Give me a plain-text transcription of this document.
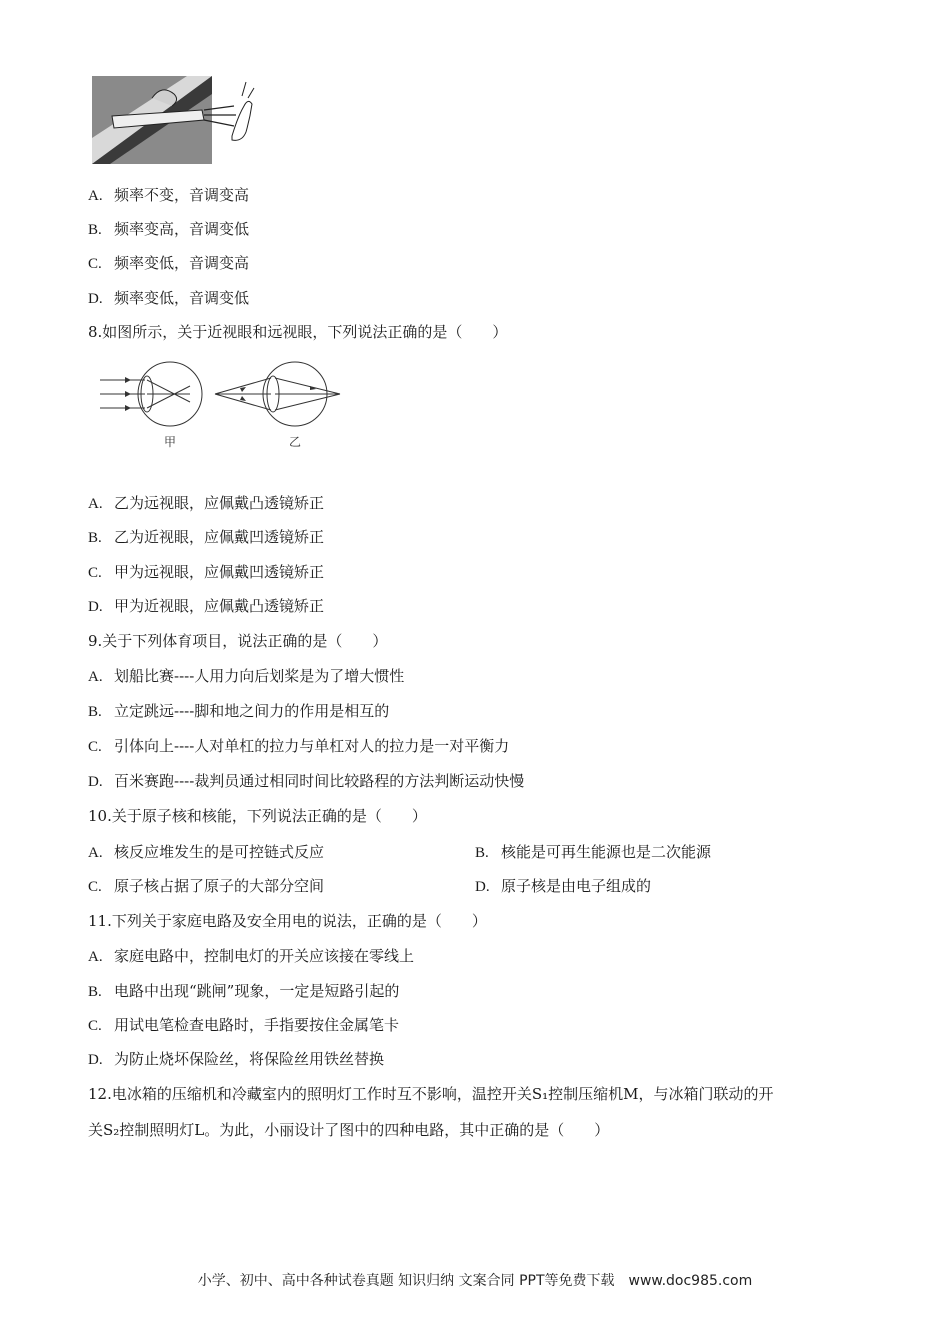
A. 频率不变，音调变高
B. 频率变高，音调变低
C. 频率变低，音调变高
D. 频率变低，音调变低
8.如图所示，关于近视眼和远视眼，下列说法正确的是（　　）
甲	乙
A. 乙为远视眼，应佩戴凸透镜矫正
B. 乙为近视眼，应佩戴凹透镜矫正
C. 甲为远视眼，应佩戴凹透镜矫正
D. 甲为近视眼，应佩戴凸透镜矫正
9.关于下列体育项目，说法正确的是（　　）
A. 划船比赛----人用力向后划桨是为了增大惯性
B. 立定跳远----脚和地之间力的作用是相互的
C. 引体向上----人对单杠的拉力与单杠对人的拉力是一对平衡力
D. 百米赛跑----裁判员通过相同时间比较路程的方法判断运动快慢
10.关于原子核和核能，下列说法正确的是（　　）
A. 核反应堆发生的是可控链式反应	B. 核能是可再生能源也是二次能源
C. 原子核占据了原子的大部分空间	D. 原子核是由电子组成的
11.下列关于家庭电路及安全用电的说法，正确的是（　　）
A. 家庭电路中，控制电灯的开关应该接在零线上
B. 电路中出现“跳闸”现象，一定是短路引起的
C. 用试电笔检查电路时，手指要按住金属笔卡
D. 为防止烧坏保险丝，将保险丝用铁丝替换
12.电冰箱的压缩机和冷藏室内的照明灯工作时互不影响，温控开关S₁控制压缩机M，与冰箱门联动的开
关S₂控制照明灯L。为此，小丽设计了图中的四种电路，其中正确的是（　　）
小学、初中、高中各种试卷真题 知识归纳 文案合同 PPT等免费下载　www.doc985.com
